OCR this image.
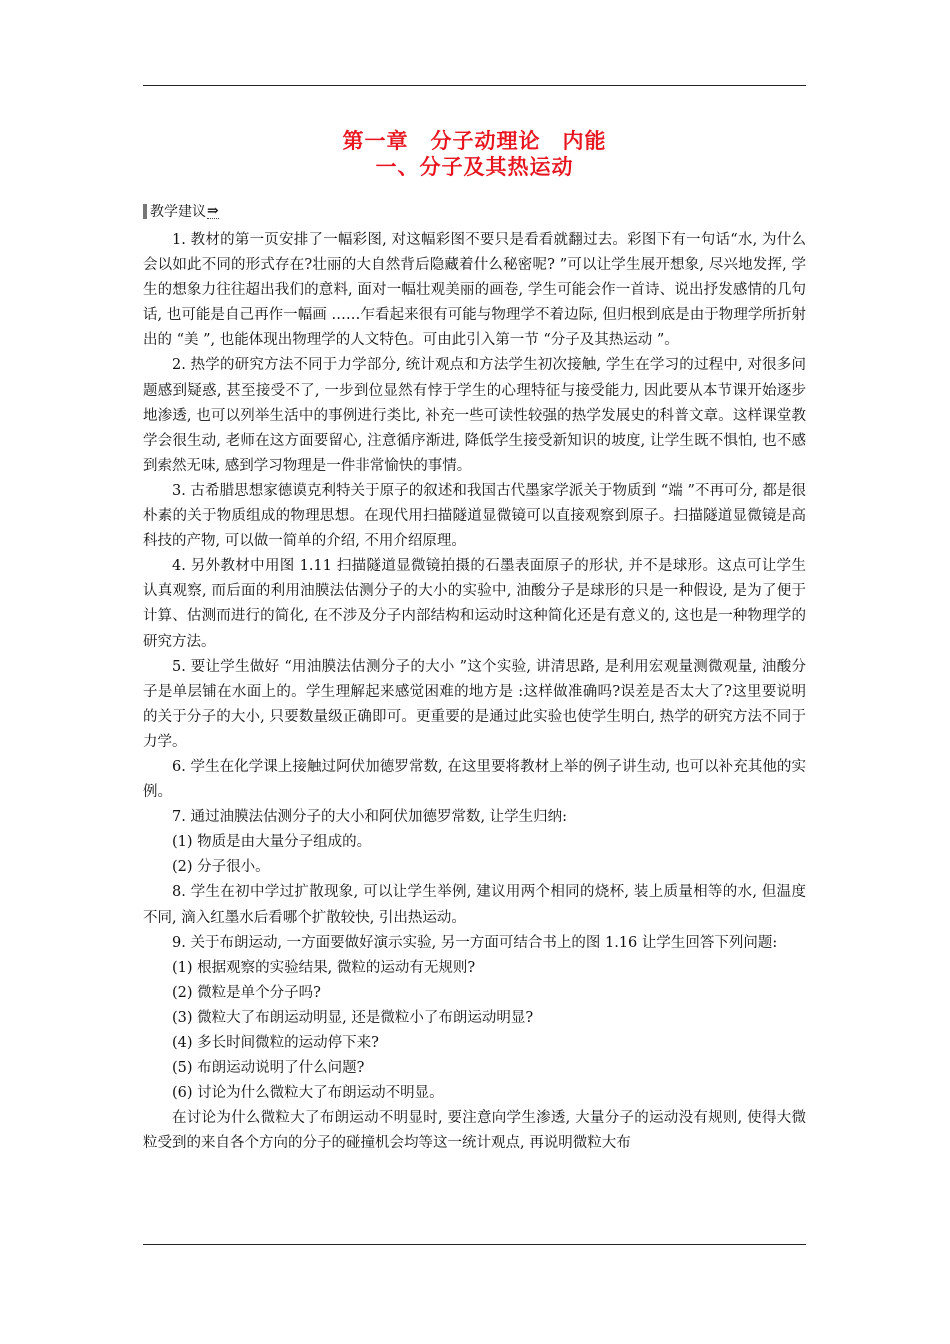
第一章　分子动理论　内能
一、分子及其热运动
教学建议 ⇒

1. 教材的第一页安排了一幅彩图, 对这幅彩图不要只是看看就翻过去。彩图下有一句话“水, 为什么会以如此不同的形式存在?壮丽的大自然背后隐藏着什么秘密呢? ”可以让学生展开想象, 尽兴地发挥, 学生的想象力往往超出我们的意料, 面对一幅壮观美丽的画卷, 学生可能会作一首诗、说出抒发感情的几句话, 也可能是自己再作一幅画 ……乍看起来很有可能与物理学不着边际, 但归根到底是由于物理学所折射出的 “美 ”, 也能体现出物理学的人文特色。可由此引入第一节 “分子及其热运动 ”。

2. 热学的研究方法不同于力学部分, 统计观点和方法学生初次接触, 学生在学习的过程中, 对很多问题感到疑惑, 甚至接受不了, 一步到位显然有悖于学生的心理特征与接受能力, 因此要从本节课开始逐步地渗透, 也可以列举生活中的事例进行类比, 补充一些可读性较强的热学发展史的科普文章。这样课堂教学会很生动, 老师在这方面要留心, 注意循序渐进, 降低学生接受新知识的坡度, 让学生既不惧怕, 也不感到索然无味, 感到学习物理是一件非常愉快的事情。

3. 古希腊思想家德谟克利特关于原子的叙述和我国古代墨家学派关于物质到 “端 ”不再可分, 都是很朴素的关于物质组成的物理思想。在现代用扫描隧道显微镜可以直接观察到原子。扫描隧道显微镜是高科技的产物, 可以做一简单的介绍, 不用介绍原理。

4. 另外教材中用图 1.11 扫描隧道显微镜拍摄的石墨表面原子的形状, 并不是球形。这点可让学生认真观察, 而后面的利用油膜法估测分子的大小的实验中, 油酸分子是球形的只是一种假设, 是为了便于计算、估测而进行的简化, 在不涉及分子内部结构和运动时这种简化还是有意义的, 这也是一种物理学的研究方法。

5. 要让学生做好 “用油膜法估测分子的大小 ”这个实验, 讲清思路, 是利用宏观量测微观量, 油酸分子是单层铺在水面上的。学生理解起来感觉困难的地方是 :这样做准确吗?误差是否太大了?这里要说明的关于分子的大小, 只要数量级正确即可。更重要的是通过此实验也使学生明白, 热学的研究方法不同于力学。

6. 学生在化学课上接触过阿伏加德罗常数, 在这里要将教材上举的例子讲生动, 也可以补充其他的实例。

7. 通过油膜法估测分子的大小和阿伏加德罗常数, 让学生归纳:

(1) 物质是由大量分子组成的。

(2) 分子很小。

8. 学生在初中学过扩散现象, 可以让学生举例, 建议用两个相同的烧杯, 装上质量相等的水, 但温度不同, 滴入红墨水后看哪个扩散较快, 引出热运动。

9. 关于布朗运动, 一方面要做好演示实验, 另一方面可结合书上的图 1.16 让学生回答下列问题:

(1) 根据观察的实验结果, 微粒的运动有无规则?

(2) 微粒是单个分子吗?

(3) 微粒大了布朗运动明显, 还是微粒小了布朗运动明显?

(4) 多长时间微粒的运动停下来?

(5) 布朗运动说明了什么问题?

(6) 讨论为什么微粒大了布朗运动不明显。

在讨论为什么微粒大了布朗运动不明显时, 要注意向学生渗透, 大量分子的运动没有规则, 使得大微粒受到的来自各个方向的分子的碰撞机会均等这一统计观点, 再说明微粒大布
